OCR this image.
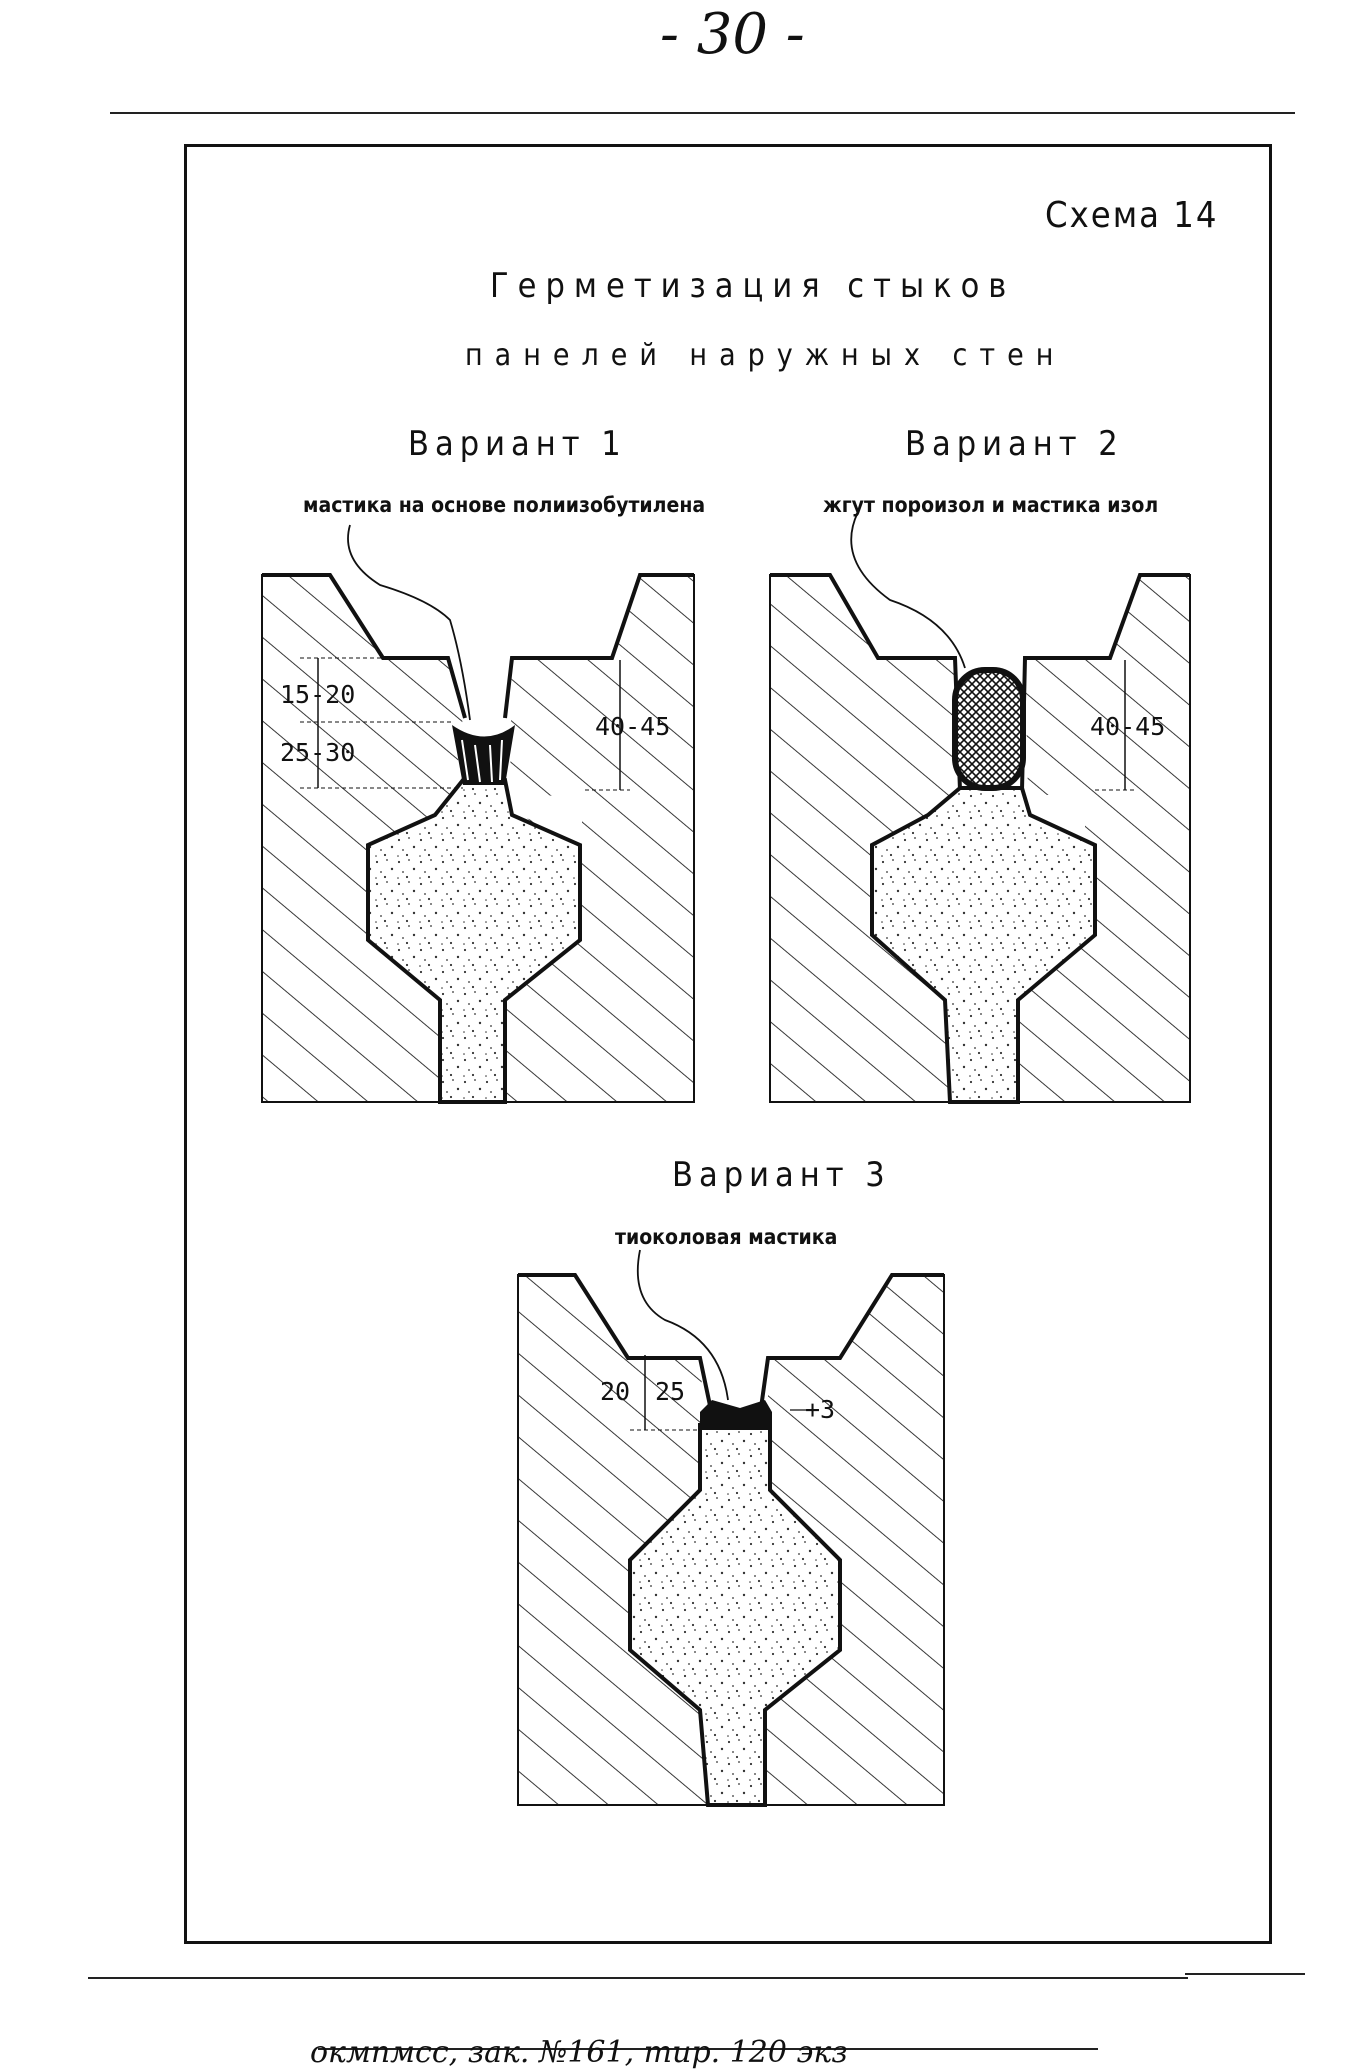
- 30 -
Схема 14
Герметизация стыков
панелей наружных стен
Вариант 1	Вариант 2
Вариант 3
мастика на основе полиизобутилена	жгут пороизол и мастика изол
тиоколовая мастика
15-20
25-30
40-45	40-45
20 25
+3
окмпмсс, зак. №161, тир. 120 экз
